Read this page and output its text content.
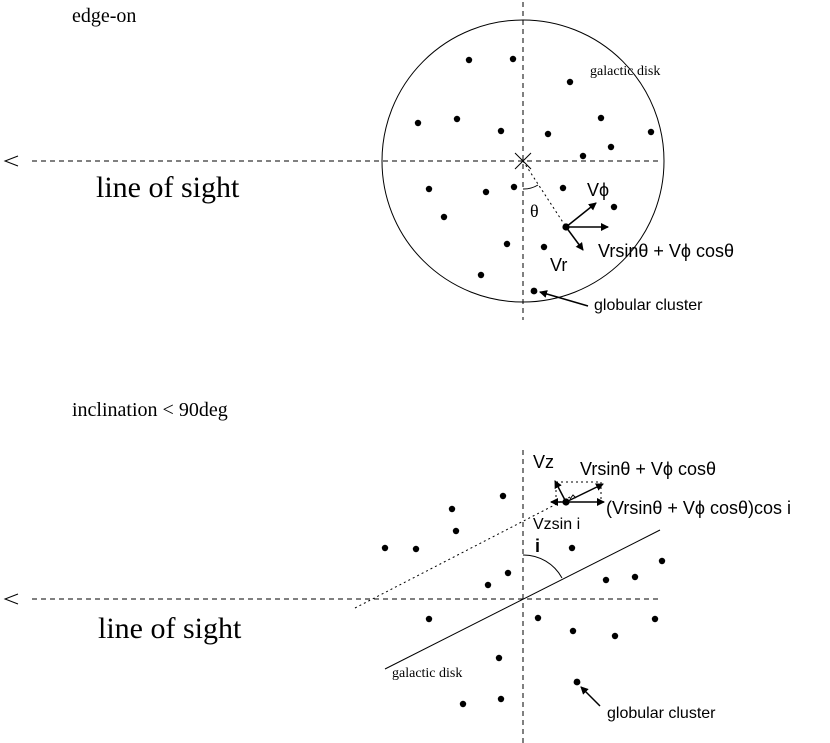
edge-on
line of sight
galactic disk
θ
Vϕ
Vr
Vrsinθ + Vϕ cosθ
globular cluster
inclination < 90deg
line of sight
galactic disk
i
Vz Vrsinθ + Vϕ cosθ
(Vrsinθ + Vϕ cosθ)cos i
Vzsin i
globular cluster
